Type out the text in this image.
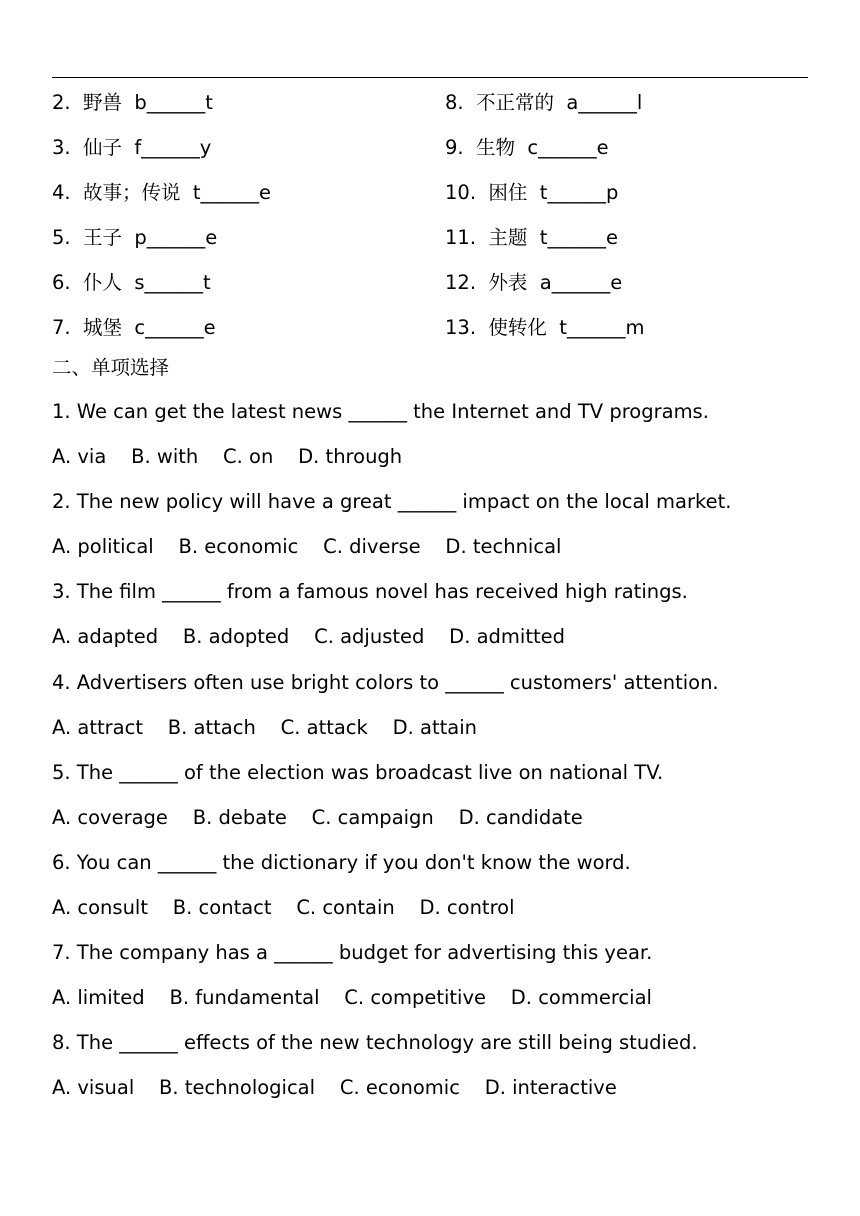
2.  野兽  b______t	8.  不正常的  a______l
3.  仙子  f______y	9.  生物  c______e
4.  故事；传说  t______e	10.  困住  t______p
5.  王子  p______e	11.  主题  t______e
6.  仆人  s______t	12.  外表  a______e
7.  城堡  c______e	13.  使转化  t______m
二、单项选择
1. We can get the latest news ______ the Internet and TV programs.
A. via    B. with    C. on    D. through
2. The new policy will have a great ______ impact on the local market.
A. political    B. economic    C. diverse    D. technical
3. The film ______ from a famous novel has received high ratings.
A. adapted    B. adopted    C. adjusted    D. admitted
4. Advertisers often use bright colors to ______ customers' attention.
A. attract    B. attach    C. attack    D. attain
5. The ______ of the election was broadcast live on national TV.
A. coverage    B. debate    C. campaign    D. candidate
6. You can ______ the dictionary if you don't know the word.
A. consult    B. contact    C. contain    D. control
7. The company has a ______ budget for advertising this year.
A. limited    B. fundamental    C. competitive    D. commercial
8. The ______ effects of the new technology are still being studied.
A. visual    B. technological    C. economic    D. interactive
